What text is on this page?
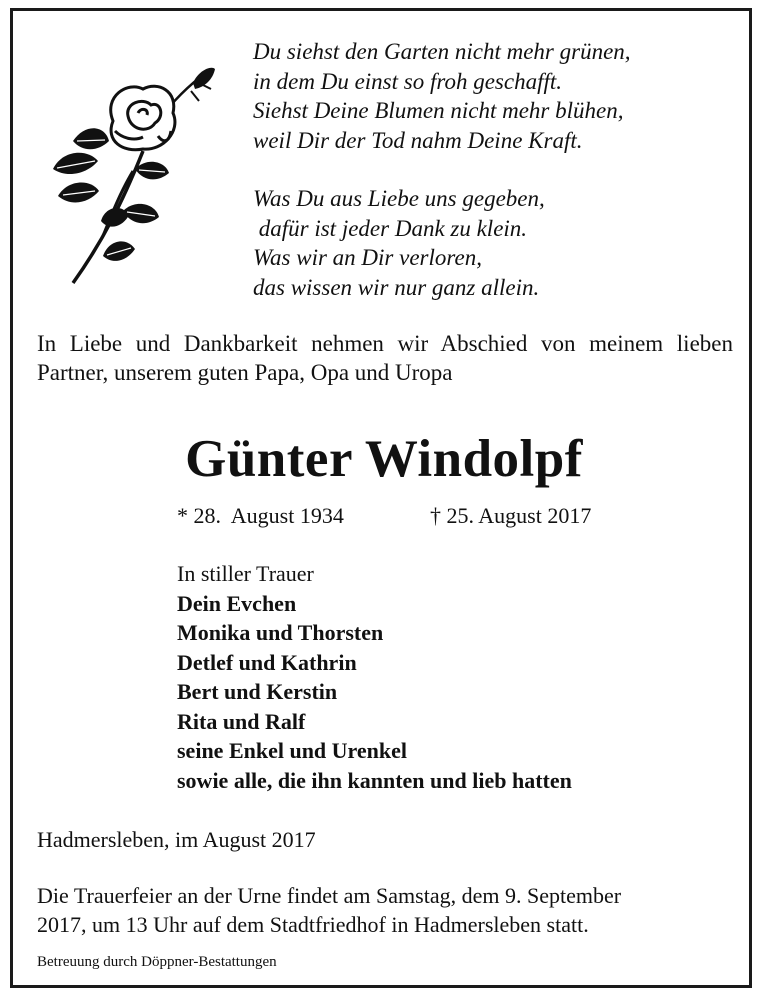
Du siehst den Garten nicht mehr grünen,
in dem Du einst so froh geschafft.
Siehst Deine Blumen nicht mehr blühen,
weil Dir der Tod nahm Deine Kraft.
Was Du aus Liebe uns gegeben,
dafür ist jeder Dank zu klein.
Was wir an Dir verloren,
das wissen wir nur ganz allein.
In Liebe und Dankbarkeit nehmen wir Abschied von meinem lieben Partner, unserem guten Papa, Opa und Uropa
Günter Windolpf
* 28.  August 1934	† 25. August 2017
In stiller Trauer
Dein Evchen
Monika und Thorsten
Detlef und Kathrin
Bert und Kerstin
Rita und Ralf
seine Enkel und Urenkel
sowie alle, die ihn kannten und lieb hatten
Hadmersleben, im August 2017
Die Trauerfeier an der Urne findet am Samstag, dem 9. September
2017, um 13 Uhr auf dem Stadtfriedhof in Hadmersleben statt.
Betreuung durch Döppner-Bestattungen
